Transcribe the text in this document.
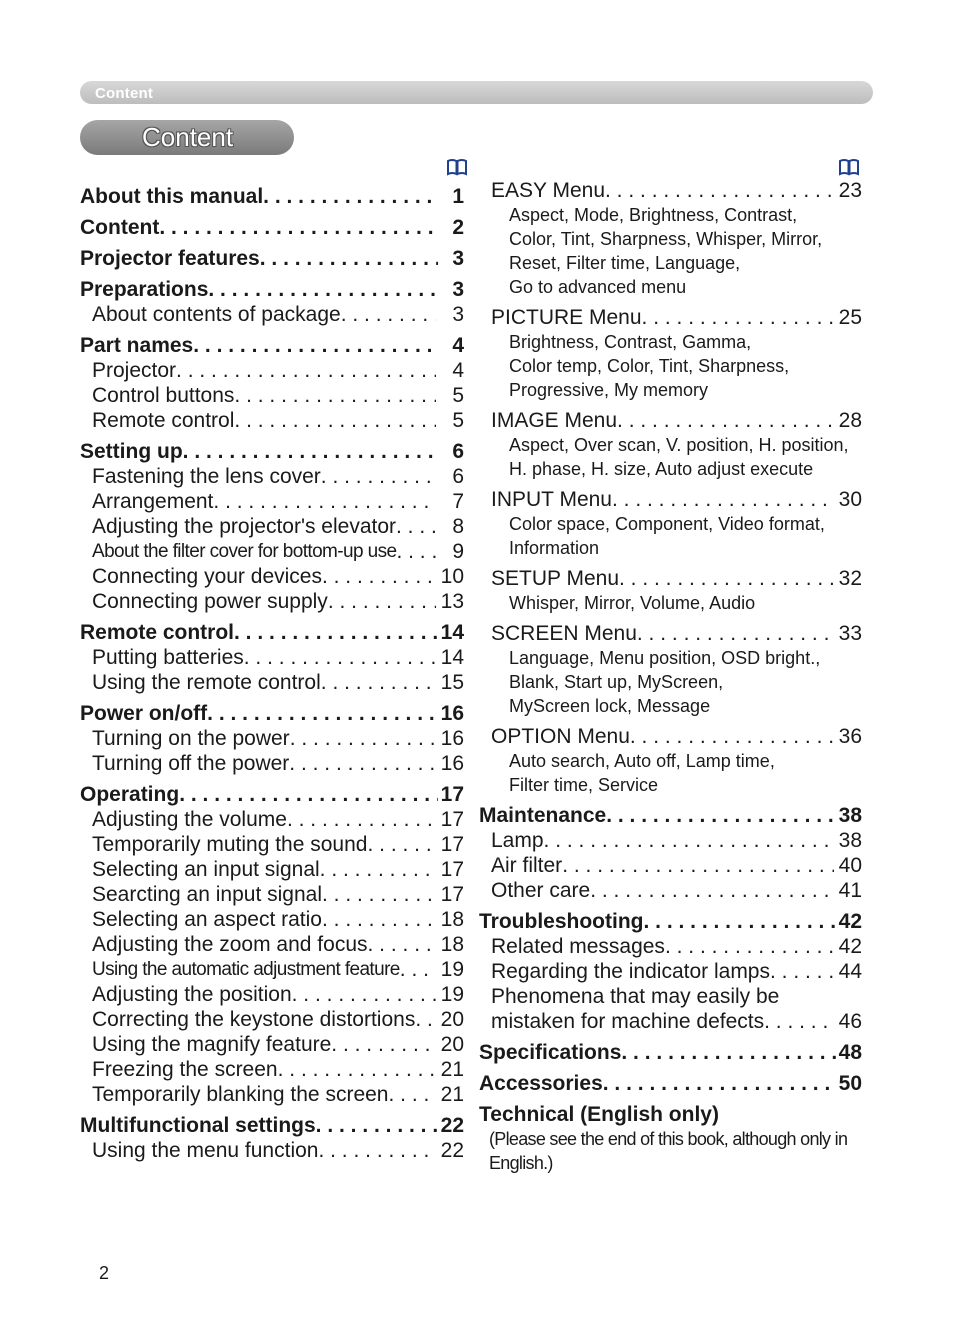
Content
Content
About this manual . . .	1
Content . . .	2
Projector features . . .	3
Preparations . . .	3
About contents of package . . .	3
Part names . . .	4
Projector . . .	4
Control buttons . . .	5
Remote control . . .	5
Setting up . . .	6
Fastening the lens cover . . .	6
Arrangement . . .	7
Adjusting the projector's elevator . . .	8
About the filter cover for bottom-up use . . .	9
Connecting your devices . . .	10
Connecting power supply . . .	13
Remote control . . .	14
Putting batteries . . .	14
Using the remote control . . .	15
Power on/off . . .	16
Turning on the power . . .	16
Turning off the power . . .	16
Operating . . .	17
Adjusting the volume . . .	17
Temporarily muting the sound . . .	17
Selecting an input signal . . .	17
Searcting an input signal . . .	17
Selecting an aspect ratio . . .	18
Adjusting the zoom and focus . . .	18
Using the automatic adjustment feature . . . 19
Adjusting the position . . .	19
Correcting the keystone distortions . . . 20
Using the magnify feature . . .	20
Freezing the screen . . .	21
Temporarily blanking the screen . . . 21
Multifunctional settings . . .	22
Using the menu function . . .	22
EASY Menu . . .	23
Aspect, Mode, Brightness, Contrast,
Color, Tint, Sharpness, Whisper, Mirror,
Reset, Filter time, Language,
Go to advanced menu
PICTURE Menu . . .	25
Brightness, Contrast, Gamma,
Color temp, Color, Tint, Sharpness,
Progressive, My memory
IMAGE Menu . . .	28
Aspect, Over scan, V. position, H. position,
H. phase, H. size, Auto adjust execute
INPUT Menu . . .	30
Color space, Component, Video format,
Information
SETUP Menu . . .	32
Whisper, Mirror, Volume, Audio
SCREEN Menu . . .	33
Language, Menu position, OSD bright.,
Blank, Start up, MyScreen,
MyScreen lock, Message
OPTION Menu . . .	36
Auto search, Auto off, Lamp time,
Filter time, Service
Maintenance . . .	38
Lamp . . .	38
Air filter . . .	40
Other care . . .	41
Troubleshooting . . .	42
Related messages . . .	42
Regarding the indicator lamps . . .	44
Phenomena that may easily be
mistaken for machine defects . . .	46
Specifications . . .	48
Accessories . . .	50
Technical (English only)
(Please see the end of this book, although only in English.)
2
